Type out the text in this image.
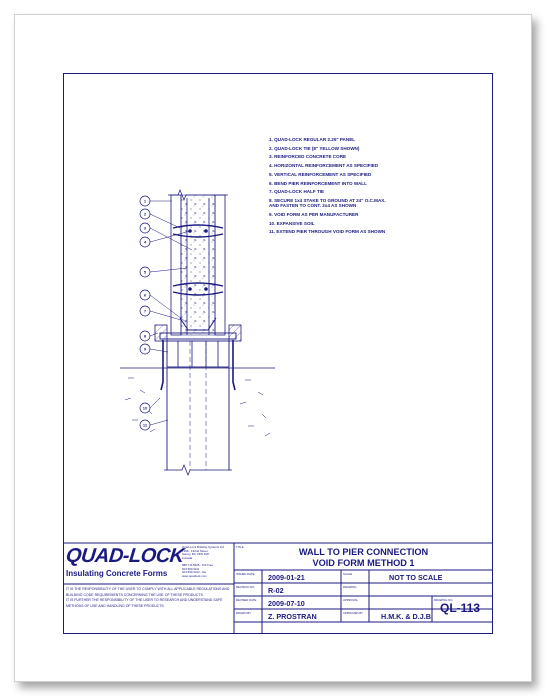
1
2
3
4
5
6
7
8
9
10
11
1. QUAD-LOCK REGULAR 2.25" PANEL
2. QUAD-LOCK TIE (8" YELLOW SHOWN)
3. REINFORCED CONCRETE CORE
4. HORIZONTAL REINFORCEMENT AS SPECIFIED
5. VERTICAL REINFORCEMENT AS SPECIFIED
6. BEND PIER REINFORCEMENT INTO WALL
7. QUAD-LOCK HALF TIE
8. SECURE 1x4 STAKE TO GROUND AT 24" O.C.MAX.
AND FASTEN TO CONT. 2x4 AS SHOWN
9. VOID FORM AS PER MANUFACTURER
10. EXPANSIVE SOIL
11. EXTEND PIER THROUGH VOID FORM AS SHOWN
QUAD-LOCK
Insulating Concrete Forms
Quad-Lock Building Systems Ltd.
7398 - 132nd Street
Surrey, BC V3W 4M7
Canada
888.711.5625 - Toll Free
604.590.3111
604.590.3412 - fax
www.quadlock.com
IT IS THE RESPONSIBILITY OF THE USER TO COMPLY WITH ALL APPLICABLE REGULATIONS AND BUILDING CODE REQUIREMENTS CONCERNING THE USE OF THESE PRODUCTS.
IT IS FURTHER THE RESPONSIBILITY OF THE USER TO RESEARCH AND UNDERSTAND SAFE METHODS OF USE AND HANDLING OF THESE PRODUCTS.
TITLE	WALL TO PIER CONNECTION
VOID FORM METHOD 1
ISSUED DATE 2009-01-21	SCALE	NOT TO SCALE
REVISION NO. R-02	DRAWING
REVISED DATE 2009-07-10	APPROVAL
DRAWN BY Z. PROSTRAN	APPROVED BY H.M.K. & D.J.B.
DRAWING NO.
QL-113
